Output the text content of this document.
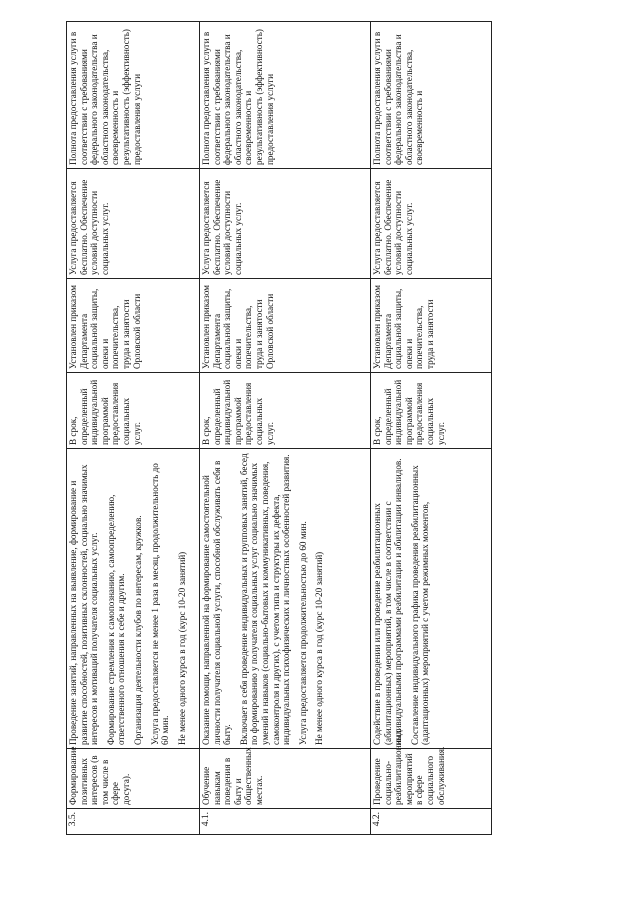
3.5.	Формирование позитивных интересов (в том числе в сфере досуга).	Проведение занятий, направленных на выявление, формирование и развитие способностей, позитивных склонностей, социально значимых интересов и мотиваций получателя социальных услуг. Формирование стремления к самопознанию, самоопределению, ответственного отношения к себе и другим. Организация деятельности клубов по интересам, кружков. Услуга предоставляется не менее 1 раза в месяц, продолжительность до 60 мин. Не менее одного курса в год (курс 10-20 занятий)	В срок, определенный индивидуальной программой предоставления социальных услуг.	Установлен приказом Департамента социальной защиты, опеки и попечительства, труда и занятости Орловской области	Услуга предоставляется бесплатно. Обеспечение условий доступности социальных услуг.	Полнота предоставления услуги в соответствии с требованиями федерального законодательства и областного законодательства, своевременность и результативность (эффективность) предоставления услуги
4.1.	Обучение навыкам поведения в быту и общественных местах.	Оказание помощи, направленной на формирование самостоятельной личности получателя социальной услуги, способной обслуживать себя в быту. Включает в себя проведение индивидуальных и групповых занятий, бесед по формированию у получателя социальных услуг социально значимых умений и навыков (социально-бытовых и коммуникативных, поведения, самоконтроля и других), с учетом типа и структуры их дефекта, индивидуальных психофизических и личностных особенностей развития. Услуга предоставляется продолжительностью до 60 мин. Не менее одного курса в год (курс 10-20 занятий)	В срок, определенный индивидуальной программой предоставления социальных услуг.	Установлен приказом Департамента социальной защиты, опеки и попечительства, труда и занятости Орловской области	Услуга предоставляется бесплатно. Обеспечение условий доступности социальных услуг.	Полнота предоставления услуги в соответствии с требованиями федерального законодательства и областного законодательства, своевременность и результативность (эффективность) предоставления услуги
4.2.	Проведение социально-реабилитационных мероприятий в сфере социального обслуживания.	Содействие в проведении или проведение реабилитационных (абилитационных) мероприятий, в том числе в соответствии с индивидуальными программами реабилитации и абилитации инвалидов. Составление индивидуального графика проведения реабилитационных (адаптационных) мероприятий с учетом режимных моментов,	В срок, определенный индивидуальной программой предоставления социальных услуг.	Установлен приказом Департамента социальной защиты, опеки и попечительства, труда и занятости	Услуга предоставляется бесплатно. Обеспечение условий доступности социальных услуг.	Полнота предоставления услуги в соответствии с требованиями федерального законодательства и областного законодательства, своевременность и
